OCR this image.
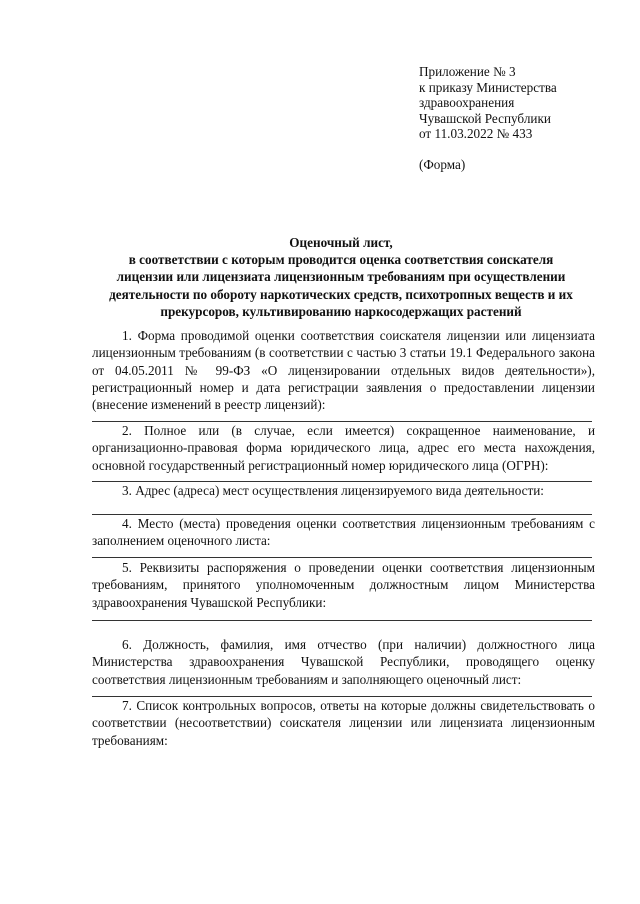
Приложение № 3
к приказу Министерства
здравоохранения
Чувашской Республики
от 11.03.2022 № 433
(Форма)
Оценочный лист,
в соответствии с которым проводится оценка соответствия соискателя
лицензии или лицензиата лицензионным требованиям при осуществлении
деятельности по обороту наркотических средств, психотропных веществ и их
прекурсоров, культивированию наркосодержащих растений
1. Форма проводимой оценки соответствия соискателя лицензии или лицензиата лицензионным требованиям (в соответствии с частью 3 статьи 19.1 Федерального закона от 04.05.2011 № 99-ФЗ «О лицензировании отдельных видов деятельности»), регистрационный номер и дата регистрации заявления о предоставлении лицензии (внесение изменений в реестр лицензий):
2. Полное или (в случае, если имеется) сокращенное наименование, и организационно-правовая форма юридического лица, адрес его места нахождения, основной государственный регистрационный номер юридического лица (ОГРН):
3. Адрес (адреса) мест осуществления лицензируемого вида деятельности:
4. Место (места) проведения оценки соответствия лицензионным требованиям с заполнением оценочного листа:
5. Реквизиты распоряжения о проведении оценки соответствия лицензионным требованиям, принятого уполномоченным должностным лицом Министерства здравоохранения Чувашской Республики:
6. Должность, фамилия, имя отчество (при наличии) должностного лица Министерства здравоохранения Чувашской Республики, проводящего оценку соответствия лицензионным требованиям и заполняющего оценочный лист:
7. Список контрольных вопросов, ответы на которые должны свидетельствовать о соответствии (несоответствии) соискателя лицензии или лицензиата лицензионным требованиям:
